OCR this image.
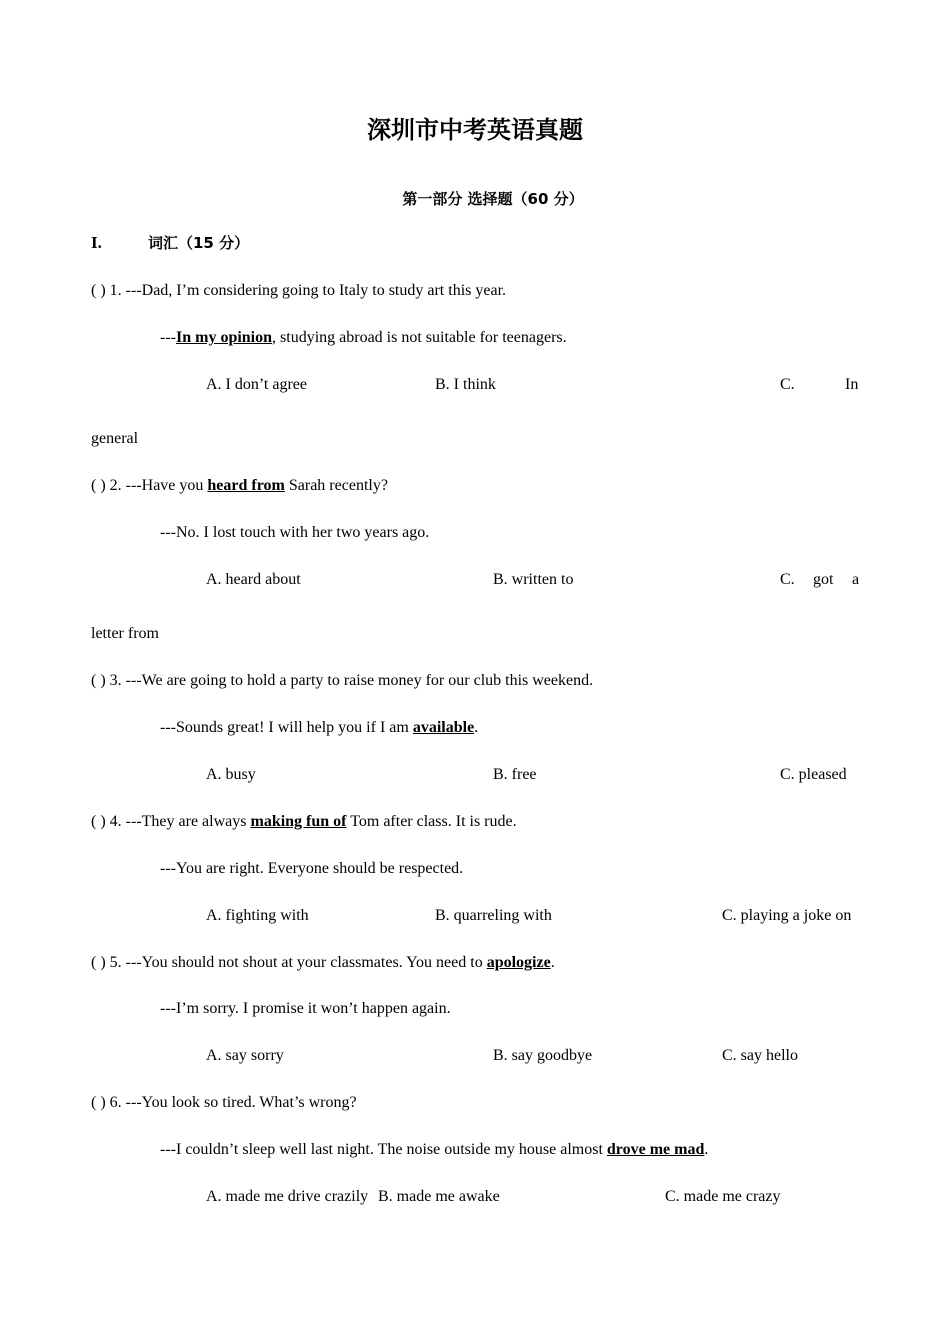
深圳市中考英语真题
第一部分 选择题（60 分）
I.	词汇（15 分）
( ) 1. ---Dad, I’m considering going to Italy to study art this year.
---In my opinion, studying abroad is not suitable for teenagers.
A. I don’t agree	B. I think	C.	In
general
( ) 2. ---Have you heard from Sarah recently?
---No. I lost touch with her two years ago.
A. heard about	B. written to	C. got a
letter from
( ) 3. ---We are going to hold a party to raise money for our club this weekend.
---Sounds great! I will help you if I am available.
A. busy	B. free	C. pleased
( ) 4. ---They are always making fun of Tom after class. It is rude.
---You are right. Everyone should be respected.
A. fighting with	B. quarreling with	C. playing a joke on
( ) 5. ---You should not shout at your classmates. You need to apologize.
---I’m sorry. I promise it won’t happen again.
A. say sorry	B. say goodbye	C. say hello
( ) 6. ---You look so tired. What’s wrong?
---I couldn’t sleep well last night. The noise outside my house almost drove me mad.
A. made me drive crazily B. made me awake	C. made me crazy
